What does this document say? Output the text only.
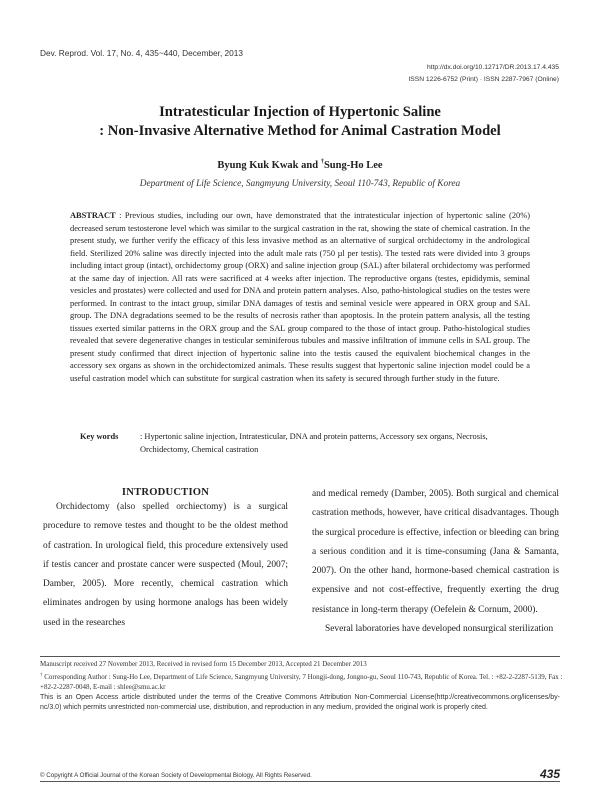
Dev. Reprod. Vol. 17, No. 4, 435~440, December, 2013
http://dx.doi.org/10.12717/DR.2013.17.4.435
ISSN 1226-6752 (Print) · ISSN 2287-7967 (Online)
Intratesticular Injection of Hypertonic Saline
: Non-Invasive Alternative Method for Animal Castration Model
Byung Kuk Kwak and †Sung-Ho Lee
Department of Life Science, Sangmyung University, Seoul 110-743, Republic of Korea
ABSTRACT : Previous studies, including our own, have demonstrated that the intratesticular injection of hypertonic saline (20%) decreased serum testosterone level which was similar to the surgical castration in the rat, showing the state of chemical castration. In the present study, we further verify the efficacy of this less invasive method as an alternative of surgical orchidectomy in the andrological field. Sterilized 20% saline was directly injected into the adult male rats (750 µl per testis). The tested rats were divided into 3 groups including intact group (intact), orchidectomy group (ORX) and saline injection group (SAL) after bilateral orchidectomy was performed at the same day of injection. All rats were sacrificed at 4 weeks after injection. The reproductive organs (testes, epididymis, seminal vesicles and prostates) were collected and used for DNA and protein pattern analyses. Also, patho-histological studies on the testes were performed. In contrast to the intact group, similar DNA damages of testis and seminal vesicle were appeared in ORX group and SAL group. The DNA degradations seemed to be the results of necrosis rather than apoptosis. In the protein pattern analysis, all the testing tissues exerted similar patterns in the ORX group and the SAL group compared to the those of intact group. Patho-histological studies revealed that severe degenerative changes in testicular seminiferous tubules and massive infiltration of immune cells in SAL group. The present study confirmed that direct injection of hypertonic saline into the testis caused the equivalent biochemical changes in the accessory sex organs as shown in the orchidectomized animals. These results suggest that hypertonic saline injection model could be a useful castration model which can substitute for surgical castration when its safety is secured through further study in the future.
Key words	: Hypertonic saline injection, Intratesticular, DNA and protein patterns, Accessory sex organs, Necrosis, Orchidectomy, Chemical castration
INTRODUCTION

Orchidectomy (also spelled orchiectomy) is a surgical procedure to remove testes and thought to be the oldest method of castration. In urological field, this procedure extensively used if testis cancer and prostate cancer were suspected (Moul, 2007; Damber, 2005). More recently, chemical castration which eliminates androgen by using hormone analogs has been widely used in the researches

and medical remedy (Damber, 2005). Both surgical and chemical castration methods, however, have critical disadvantages. Though the surgical procedure is effective, infection or bleeding can bring a serious condition and it is time-consuming (Jana & Samanta, 2007). On the other hand, hormone-based chemical castration is expensive and not cost-effective, frequently exerting the drug resistance in long-term therapy (Oefelein & Cornum, 2000).

Several laboratories have developed nonsurgical sterilization

Manuscript received 27 November 2013, Received in revised form 15 December 2013, Accepted 21 December 2013
† Corresponding Author : Sung-Ho Lee, Department of Life Science, Sangmyung University, 7 Hongji-dong, Jongno-gu, Seoul 110-743, Republic of Korea. Tel. : +82-2-2287-5139, Fax : +82-2-2287-0048, E-mail : shlee@smu.ac.kr
This is an Open Access article distributed under the terms of the Creative Commons Attribution Non-Commercial License(http://creativecommons.org/licenses/by-nc/3.0) which permits unrestricted non-commercial use, distribution, and reproduction in any medium, provided the original work is properly cited.
© Copyright A Official Journal of the Korean Society of Developmental Biology. All Rights Reserved.	435
